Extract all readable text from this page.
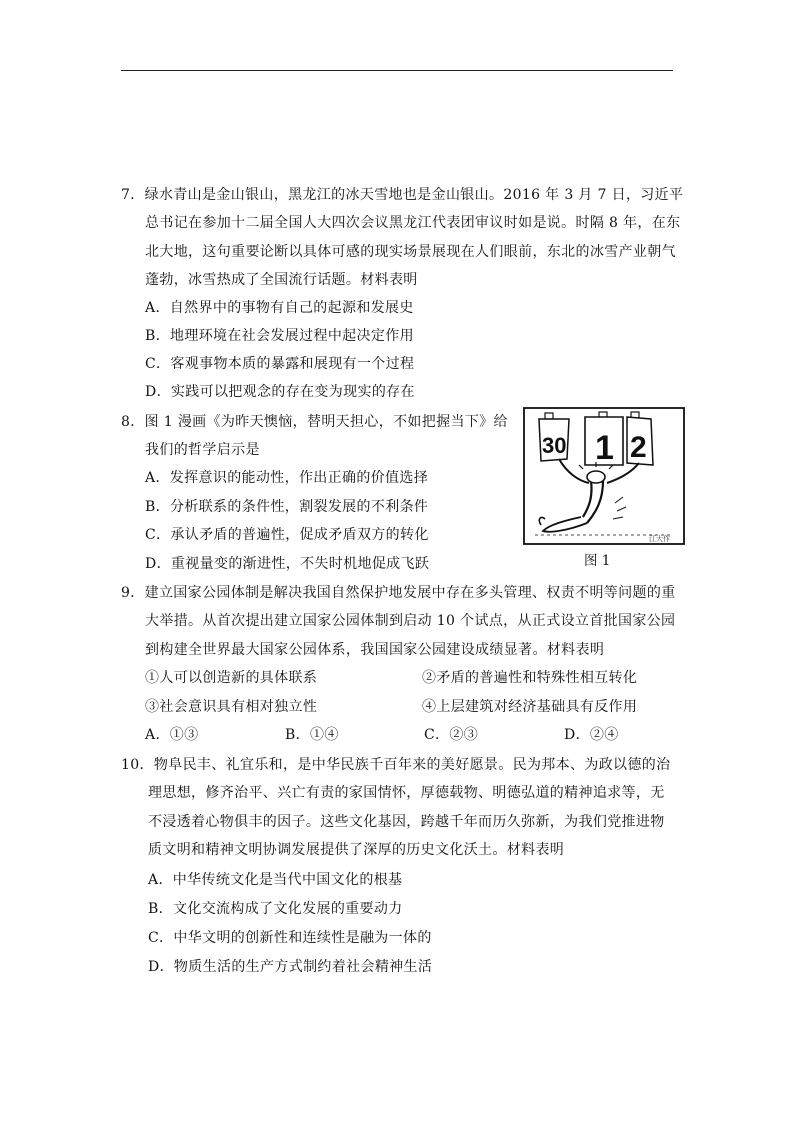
7．绿水青山是金山银山，黑龙江的冰天雪地也是金山银山。2016 年 3 月 7 日，习近平
总书记在参加十二届全国人大四次会议黑龙江代表团审议时如是说。时隔 8 年，在东
北大地，这句重要论断以具体可感的现实场景展现在人们眼前，东北的冰雪产业朝气
蓬勃，冰雪热成了全国流行话题。材料表明
A．自然界中的事物有自己的起源和发展史
B．地理环境在社会发展过程中起决定作用
C．客观事物本质的暴露和展现有一个过程
D．实践可以把观念的存在变为现实的存在
8．图 1 漫画《为昨天懊恼，替明天担心，不如把握当下》给
我们的哲学启示是
A．发挥意识的能动性，作出正确的价值选择
B．分析联系的条件性，割裂发展的不利条件
C．承认矛盾的普遍性，促成矛盾双方的转化
D．重视量变的渐进性，不失时机地促成飞跃
30 1 2
江大作
图 1
9．建立国家公园体制是解决我国自然保护地发展中存在多头管理、权责不明等问题的重
大举措。从首次提出建立国家公园体制到启动 10 个试点，从正式设立首批国家公园
到构建全世界最大国家公园体系，我国国家公园建设成绩显著。材料表明
①人可以创造新的具体联系	②矛盾的普遍性和特殊性相互转化
③社会意识具有相对独立性	④上层建筑对经济基础具有反作用
A．①③	B．①④	C．②③	D．②④
10．物阜民丰、礼宜乐和，是中华民族千百年来的美好愿景。民为邦本、为政以德的治
理思想，修齐治平、兴亡有责的家国情怀，厚德载物、明德弘道的精神追求等，无
不浸透着心物俱丰的因子。这些文化基因，跨越千年而历久弥新，为我们党推进物
质文明和精神文明协调发展提供了深厚的历史文化沃土。材料表明
A．中华传统文化是当代中国文化的根基
B．文化交流构成了文化发展的重要动力
C．中华文明的创新性和连续性是融为一体的
D．物质生活的生产方式制约着社会精神生活
